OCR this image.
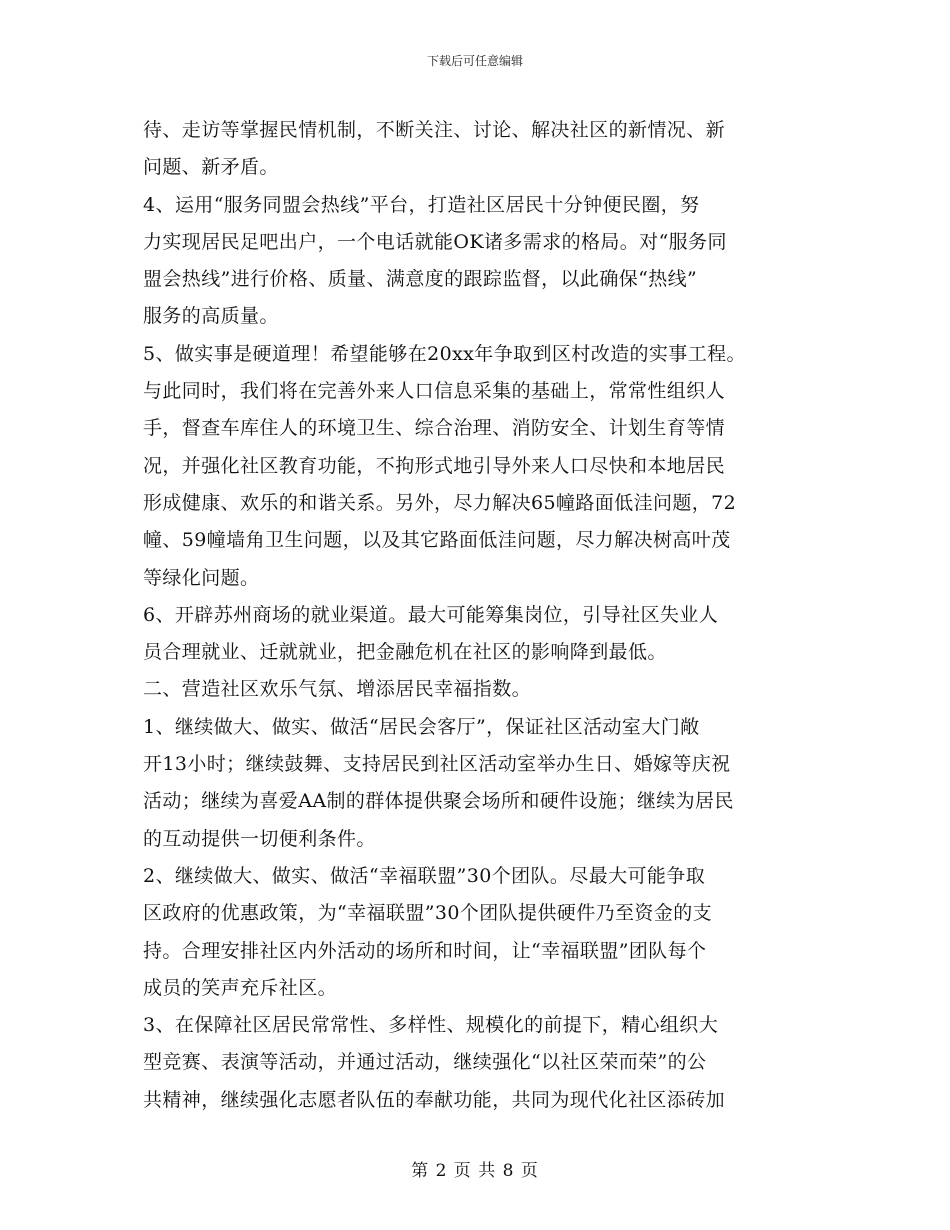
下载后可任意编辑
待、走访等掌握民情机制，不断关注、讨论、解决社区的新情况、新
问题、新矛盾。
4、运用“服务同盟会热线”平台，打造社区居民十分钟便民圈，努
力实现居民足吧出户，一个电话就能OK诸多需求的格局。对“服务同
盟会热线”进行价格、质量、满意度的跟踪监督，以此确保“热线”
服务的高质量。
5、做实事是硬道理！希望能够在20xx年争取到区村改造的实事工程。
与此同时，我们将在完善外来人口信息采集的基础上，常常性组织人
手，督查车库住人的环境卫生、综合治理、消防安全、计划生育等情
况，并强化社区教育功能，不拘形式地引导外来人口尽快和本地居民
形成健康、欢乐的和谐关系。另外，尽力解决65幢路面低洼问题，72
幢、59幢墙角卫生问题，以及其它路面低洼问题，尽力解决树高叶茂
等绿化问题。
6、开辟苏州商场的就业渠道。最大可能筹集岗位，引导社区失业人
员合理就业、迁就就业，把金融危机在社区的影响降到最低。
二、营造社区欢乐气氛、增添居民幸福指数。
1、继续做大、做实、做活“居民会客厅”，保证社区活动室大门敞
开13小时；继续鼓舞、支持居民到社区活动室举办生日、婚嫁等庆祝
活动；继续为喜爱AA制的群体提供聚会场所和硬件设施；继续为居民
的互动提供一切便利条件。
2、继续做大、做实、做活“幸福联盟”30个团队。尽最大可能争取
区政府的优惠政策，为“幸福联盟”30个团队提供硬件乃至资金的支
持。合理安排社区内外活动的场所和时间，让“幸福联盟”团队每个
成员的笑声充斥社区。
3、在保障社区居民常常性、多样性、规模化的前提下，精心组织大
型竞赛、表演等活动，并通过活动，继续强化“以社区荣而荣”的公
共精神，继续强化志愿者队伍的奉献功能，共同为现代化社区添砖加
第 2 页 共 8 页
